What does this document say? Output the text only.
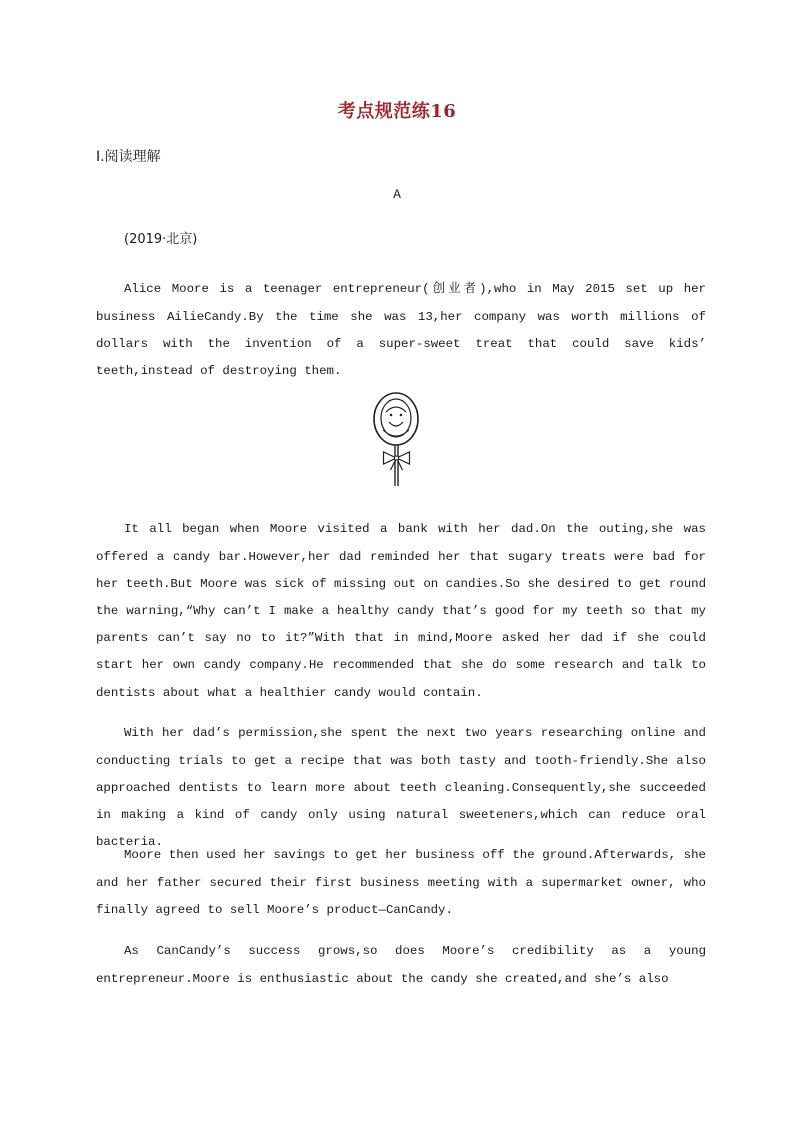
考点规范练16
Ⅰ.阅读理解
A
(2019·北京)

Alice Moore is a teenager entrepreneur(创业者),who in May 2015 set up her business AilieCandy.By the time she was 13,her company was worth millions of dollars with the invention of a super-sweet treat that could save kids’ teeth,instead of destroying them.

It all began when Moore visited a bank with her dad.On the outing,she was offered a candy bar.However,her dad reminded her that sugary treats were bad for her teeth.But Moore was sick of missing out on candies.So she desired to get round the warning,“Why can’t I make a healthy candy that’s good for my teeth so that my parents can’t say no to it?”With that in mind,Moore asked her dad if she could start her own candy company.He recommended that she do some research and talk to dentists about what a healthier candy would contain.

With her dad’s permission,she spent the next two years researching online and conducting trials to get a recipe that was both tasty and tooth-friendly.She also approached dentists to learn more about teeth cleaning.Consequently,she succeeded in making a kind of candy only using natural sweeteners,which can reduce oral bacteria.

Moore then used her savings to get her business off the ground.Afterwards, she and her father secured their first business meeting with a supermarket owner, who finally agreed to sell Moore’s product—CanCandy.

As CanCandy’s success grows,so does Moore’s credibility as a young entrepreneur.Moore is enthusiastic about the candy she created,and she’s also
